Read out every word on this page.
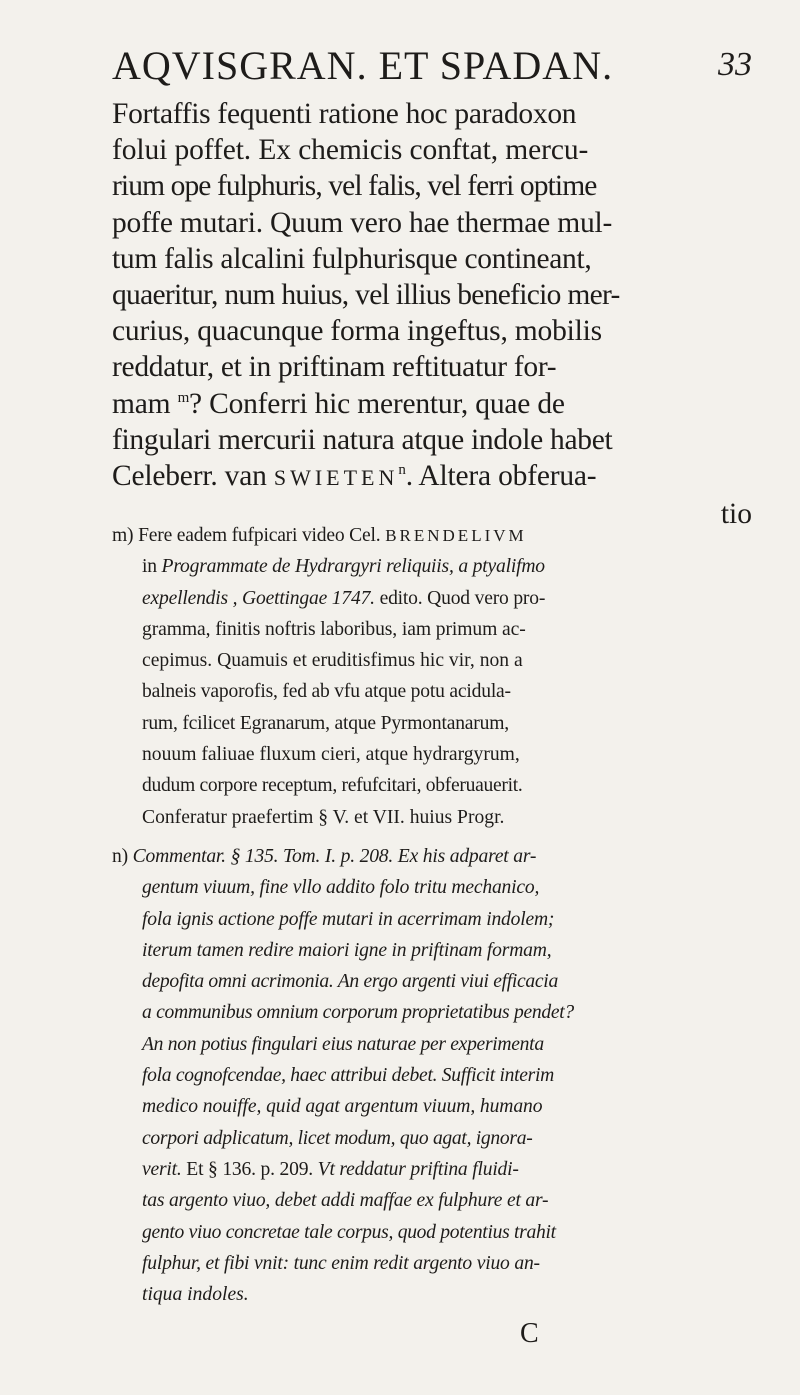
AQVISGRAN. ET SPADAN.	33
Fortaffis fequenti ratione hoc paradoxon
folui poffet. Ex chemicis conftat, mercu-
rium ope fulphuris, vel falis, vel ferri optime
poffe mutari. Quum vero hae thermae mul-
tum falis alcalini fulphurisque contineant,
quaeritur, num huius, vel illius beneficio mer-
curius, quacunque forma ingeftus, mobilis
reddatur, et in priftinam reftituatur for-
mam $^m$? Conferri hic merentur, quae de
fingulari mercurii natura atque indole habet
Celeberr. van SWIETEN$^n$. Altera obferua-
tio
m) Fere eadem fufpicari video Cel. BRENDELIVM
in Programmate de Hydrargyri reliquiis, a ptyalifmo
expellendis , Goettingae 1747. edito. Quod vero pro-
gramma, finitis noftris laboribus, iam primum ac-
cepimus. Quamuis et eruditisfimus hic vir, non a
balneis vaporofis, fed ab vfu atque potu acidula-
rum, fcilicet Egranarum, atque Pyrmontanarum,
nouum faliuae fluxum cieri, atque hydrargyrum,
dudum corpore receptum, refufcitari, obferuauerit.
Conferatur praefertim § V. et VII. huius Progr.
n) Commentar. § 135. Tom. I. p. 208. Ex his adparet ar-
gentum viuum, fine vllo addito folo tritu mechanico,
fola ignis actione poffe mutari in acerrimam indolem;
iterum tamen redire maiori igne in priftinam formam,
depofita omni acrimonia. An ergo argenti viui efficacia
a communibus omnium corporum proprietatibus pendet?
An non potius fingulari eius naturae per experimenta
fola cognofcendae, haec attribui debet. Sufficit interim
medico nouiffe, quid agat argentum viuum, humano
corpori adplicatum, licet modum, quo agat, ignora-
verit. Et § 136. p. 209. Vt reddatur priftina fluidi-
tas argento viuo, debet addi maffae ex fulphure et ar-
gento viuo concretae tale corpus, quod potentius trahit
fulphur, et fibi vnit: tunc enim redit argento viuo an-
tiqua indoles.
C
